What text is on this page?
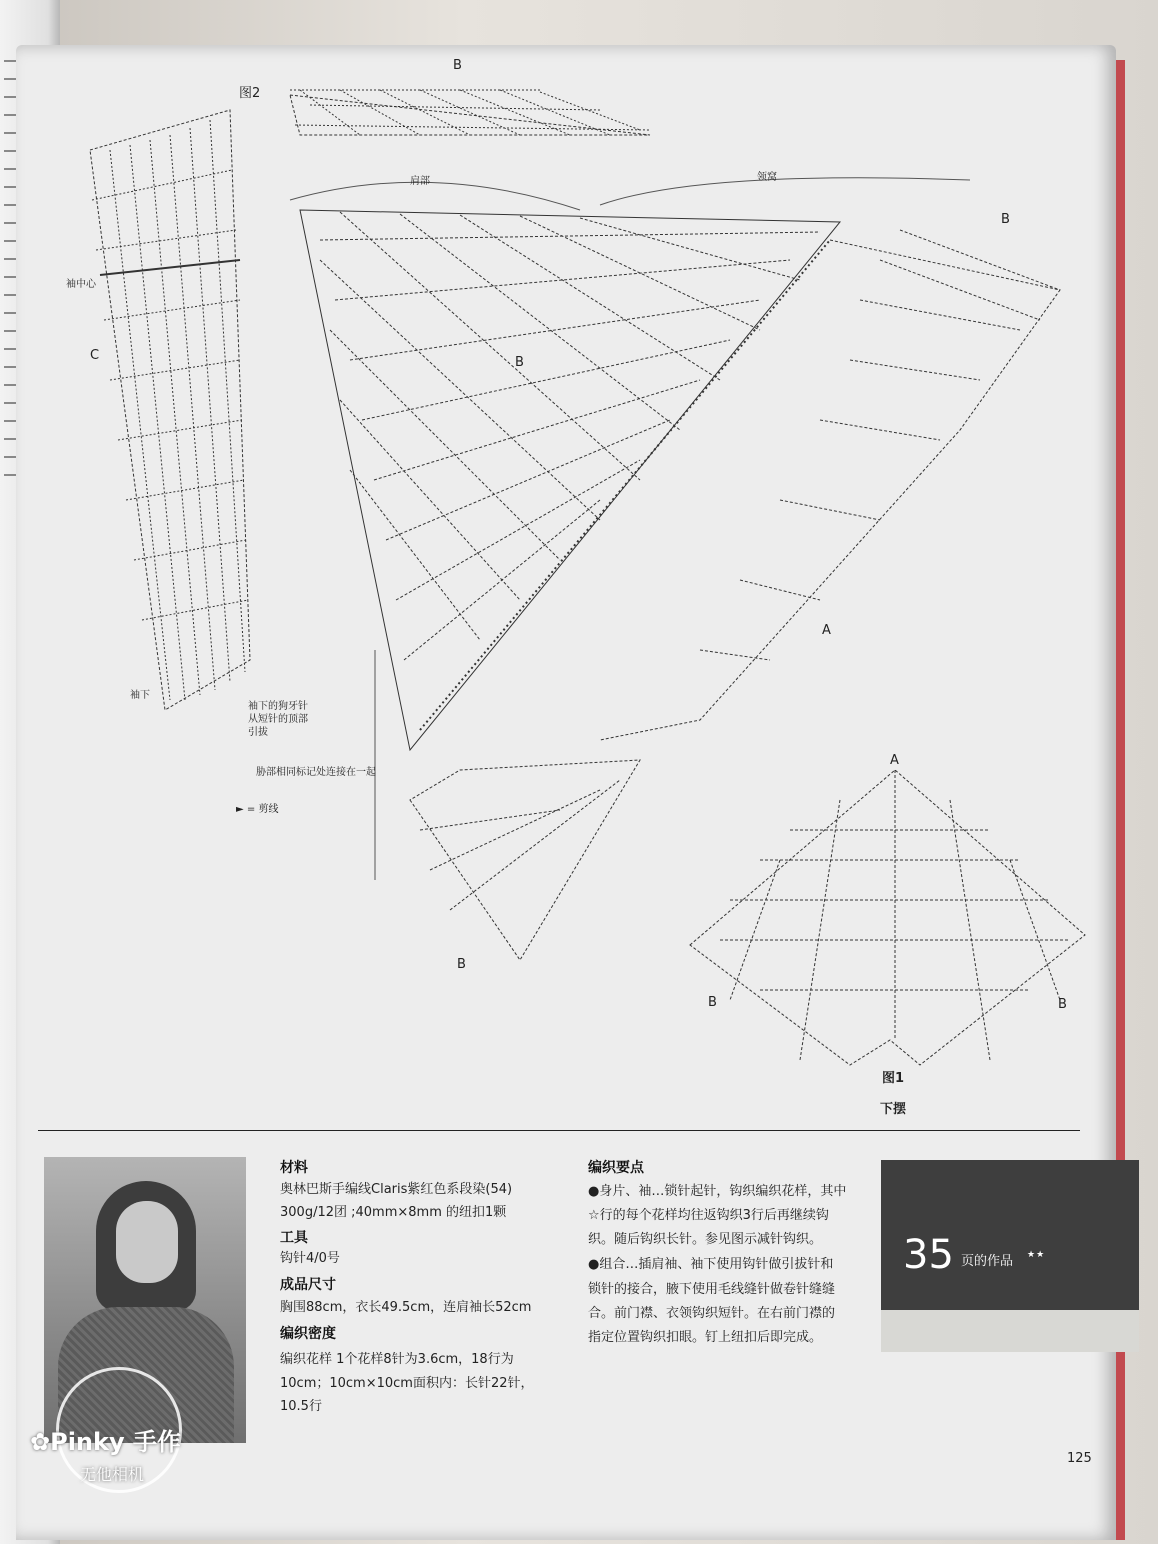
图2
B
B
B
B
C
A
肩部	领窝
袖中心
袖下
袖下的狗牙针
从短针的顶部
引拔
胁部相同标记处连接在一起
► = 剪线
A
B	B
图1
下摆
材料
奥林巴斯手编线Claris紫红色系段染(54)
300g/12团 ;40mm×8mm 的纽扣1颗
工具
钩针4/0号
成品尺寸
胸围88cm，衣长49.5cm，连肩袖长52cm
编织密度
编织花样 1个花样8针为3.6cm，18行为
10cm；10cm×10cm面积内：长针22针，
10.5行
编织要点
●身片、袖…锁针起针，钩织编织花样，其中
☆行的每个花样均往返钩织3行后再继续钩
织。随后钩织长针。参见图示减针钩织。
●组合…插肩袖、袖下使用钩针做引拔针和
锁针的接合，腋下使用毛线缝针做卷针缝缝
合。前门襟、衣领钩织短针。在右前门襟的
指定位置钩织扣眼。钉上纽扣后即完成。
35 页的作品 ★★
125
✿Pinky 手作
无他相机
